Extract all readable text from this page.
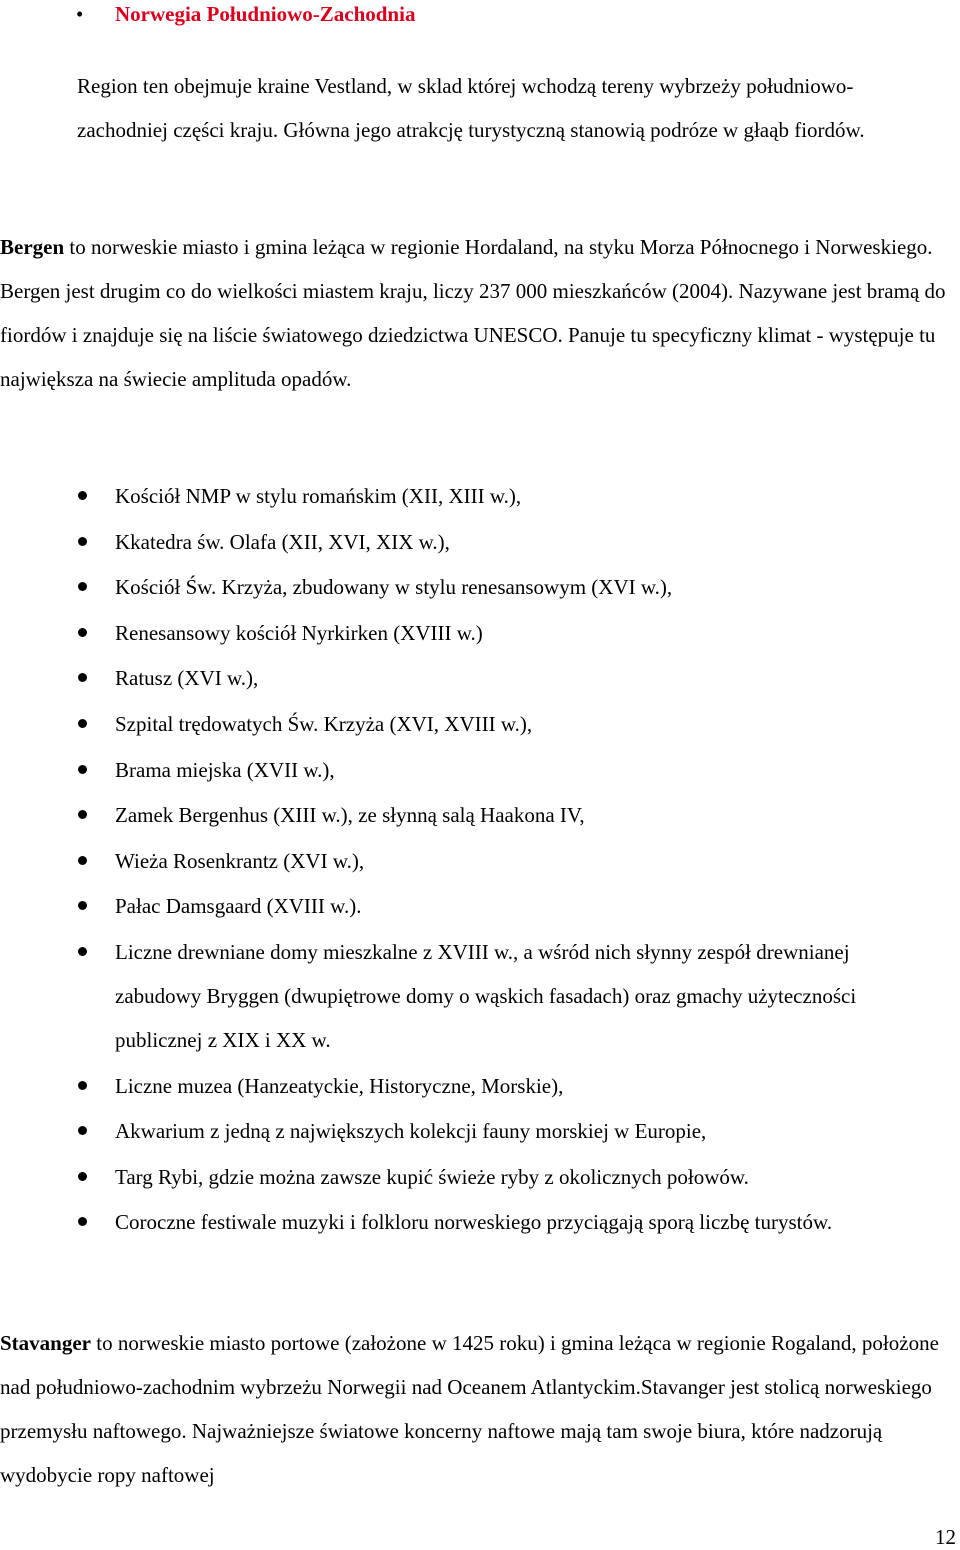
• Norwegia Południowo-Zachodnia

Region ten obejmuje kraine Vestland, w sklad której wchodzą tereny wybrzeży południowo-zachodniej części kraju. Główna jego atrakcję turystyczną stanowią podróze w głaąb fiordów.

Bergen to norweskie miasto i gmina leżąca w regionie Hordaland, na styku Morza Północnego i Norweskiego. Bergen jest drugim co do wielkości miastem kraju, liczy 237 000 mieszkańców (2004). Nazywane jest bramą do fiordów i znajduje się na liście światowego dziedzictwa UNESCO. Panuje tu specyficzny klimat - występuje tu największa na świecie amplituda opadów.

Kościół NMP w stylu romańskim (XII, XIII w.),
Kkatedra św. Olafa (XII, XVI, XIX w.),
Kościół Św. Krzyża, zbudowany w stylu renesansowym (XVI w.),
Renesansowy kościół Nyrkirken (XVIII w.)
Ratusz (XVI w.),
Szpital trędowatych Św. Krzyża (XVI, XVIII w.),
Brama miejska (XVII w.),
Zamek Bergenhus (XIII w.), ze słynną salą Haakona IV,
Wieża Rosenkrantz (XVI w.),
Pałac Damsgaard (XVIII w.).
Liczne drewniane domy mieszkalne z XVIII w., a wśród nich słynny zespół drewnianej zabudowy Bryggen (dwupiętrowe domy o wąskich fasadach) oraz gmachy użyteczności publicznej z XIX i XX w.
Liczne muzea (Hanzeatyckie, Historyczne, Morskie),
Akwarium z jedną z największych kolekcji fauny morskiej w Europie,
Targ Rybi, gdzie można zawsze kupić świeże ryby z okolicznych połowów.
Coroczne festiwale muzyki i folkloru norweskiego przyciągają sporą liczbę turystów.

Stavanger to norweskie miasto portowe (założone w 1425 roku) i gmina leżąca w regionie Rogaland, położone nad południowo-zachodnim wybrzeżu Norwegii nad Oceanem Atlantyckim.Stavanger jest stolicą norweskiego przemysłu naftowego. Najważniejsze światowe koncerny naftowe mają tam swoje biura, które nadzorują wydobycie ropy naftowej

12
